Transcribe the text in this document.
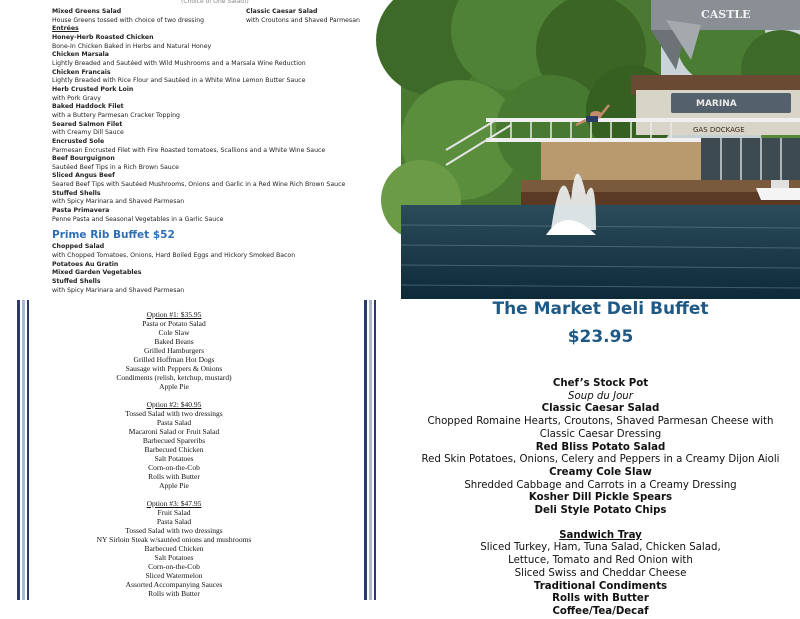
(Choice of One Salad))
Classic Caesar Salad
with Croutons and Shaved Parmesan
Mixed Greens Salad
House Greens tossed with choice of two dressing
Entrées
Honey-Herb Roasted Chicken
Bone-In Chicken Baked in Herbs and Natural Honey
Chicken Marsala
Lightly Breaded and Sautéed with Wild Mushrooms and a Marsala Wine Reduction
Chicken Francais
Lightly Breaded with Rice Flour and Sautéed in a White Wine Lemon Butter Sauce
Herb Crusted Pork Loin
with Pork Gravy
Baked Haddock Filet
with a Buttery Parmesan Cracker Topping
Seared Salmon Filet
with Creamy Dill Sauce
Encrusted Sole
Parmesan Encrusted Filet with Fire Roasted tomatoes, Scallions and a White Wine Sauce
Beef Bourguignon
Sautéed Beef Tips in a Rich Brown Sauce
Sliced Angus Beef
Seared Beef Tips with Sautéed Mushrooms, Onions and Garlic in a Red Wine Rich Brown Sauce
Stuffed Shells
with Spicy Marinara and Shaved Parmesan
Pasta Primavera
Penne Pasta and Seasonal Vegetables in a Garlic Sauce
Prime Rib Buffet $52
Chopped Salad
with Chopped Tomatoes, Onions, Hard Boiled Eggs and Hickory Smoked Bacon
Potatoes Au Gratin
Mixed Garden Vegetables
Stuffed Shells
with Spicy Marinara and Shaved Parmesan
CASTLE
MARINA
GAS DOCKAGE
Option #1: $35.95
Pasta or Potato Salad
Cole Slaw
Baked Beans
Grilled Hamburgers
Grilled Hoffman Hot Dogs
Sausage with Peppers & Onions
Condiments (relish, ketchup, mustard)
Apple Pie
Option #2: $40.95
Tossed Salad with two dressings
Pasta Salad
Macaroni Salad or Fruit Salad
Barbecued Spareribs
Barbecued Chicken
Salt Potatoes
Corn-on-the-Cob
Rolls with Butter
Apple Pie
Option #3: $47.95
Fruit Salad
Pasta Salad
Tossed Salad with two dressings
NY Sirloin Steak w/sautéed onions and mushrooms
Barbecued Chicken
Salt Potatoes
Corn-on-the-Cob
Sliced Watermelon
Assorted Accompanying Sauces
Rolls with Butter
The Market Deli Buffet
$23.95
Chef’s Stock Pot
Soup du Jour
Classic Caesar Salad
Chopped Romaine Hearts, Croutons, Shaved Parmesan Cheese with
Classic Caesar Dressing
Red Bliss Potato Salad
Red Skin Potatoes, Onions, Celery and Peppers in a Creamy Dijon Aioli
Creamy Cole Slaw
Shredded Cabbage and Carrots in a Creamy Dressing
Kosher Dill Pickle Spears
Deli Style Potato Chips
Sandwich Tray
Sliced Turkey, Ham, Tuna Salad, Chicken Salad,
Lettuce, Tomato and Red Onion with
Sliced Swiss and Cheddar Cheese
Traditional Condiments
Rolls with Butter
Coffee/Tea/Decaf
